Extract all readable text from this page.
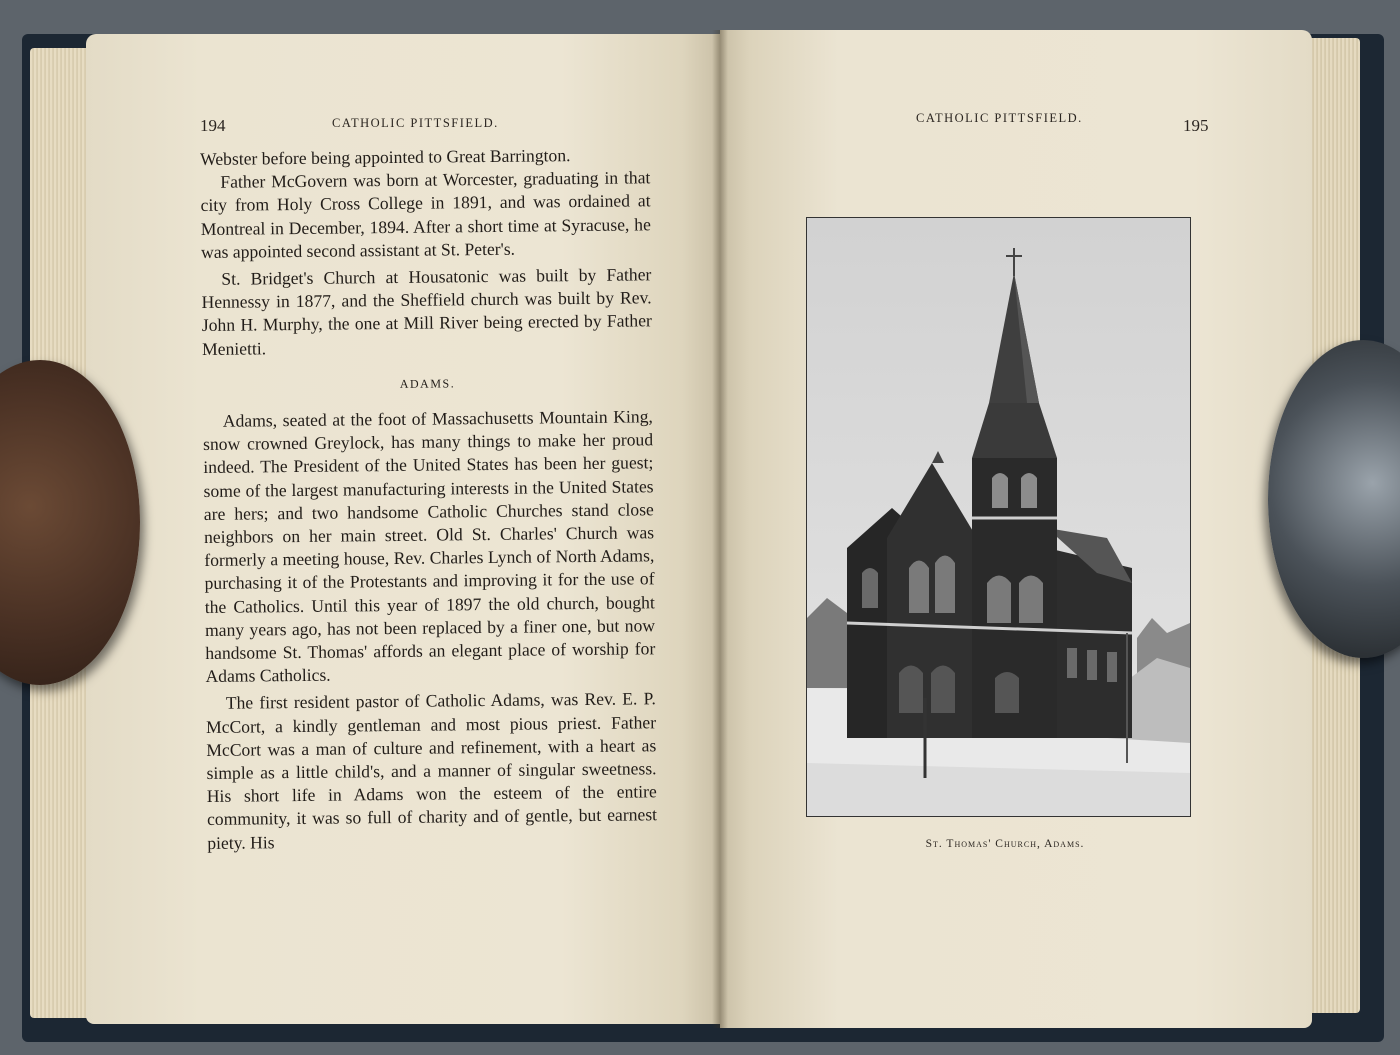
194	CATHOLIC PITTSFIELD.

Webster before being appointed to Great Barrington.

Father McGovern was born at Worcester, graduating in that city from Holy Cross College in 1891, and was ordained at Montreal in December, 1894. After a short time at Syracuse, he was appointed second assistant at St. Peter's.

St. Bridget's Church at Housatonic was built by Father Hennessy in 1877, and the Sheffield church was built by Rev. John H. Murphy, the one at Mill River being erected by Father Menietti.

ADAMS.

Adams, seated at the foot of Massachusetts Mountain King, snow crowned Greylock, has many things to make her proud indeed. The President of the United States has been her guest; some of the largest manufacturing interests in the United States are hers; and two handsome Catholic Churches stand close neighbors on her main street. Old St. Charles' Church was formerly a meeting house, Rev. Charles Lynch of North Adams, purchasing it of the Protestants and improving it for the use of the Catholics. Until this year of 1897 the old church, bought many years ago, has not been replaced by a finer one, but now handsome St. Thomas' affords an elegant place of worship for Adams Catholics.

The first resident pastor of Catholic Adams, was Rev. E. P. McCort, a kindly gentleman and most pious priest. Father McCort was a man of culture and refinement, with a heart as simple as a little child's, and a manner of singular sweetness. His short life in Adams won the esteem of the entire community, it was so full of charity and of gentle, but earnest piety. His

CATHOLIC PITTSFIELD.	195
St. Thomas' Church, Adams.
